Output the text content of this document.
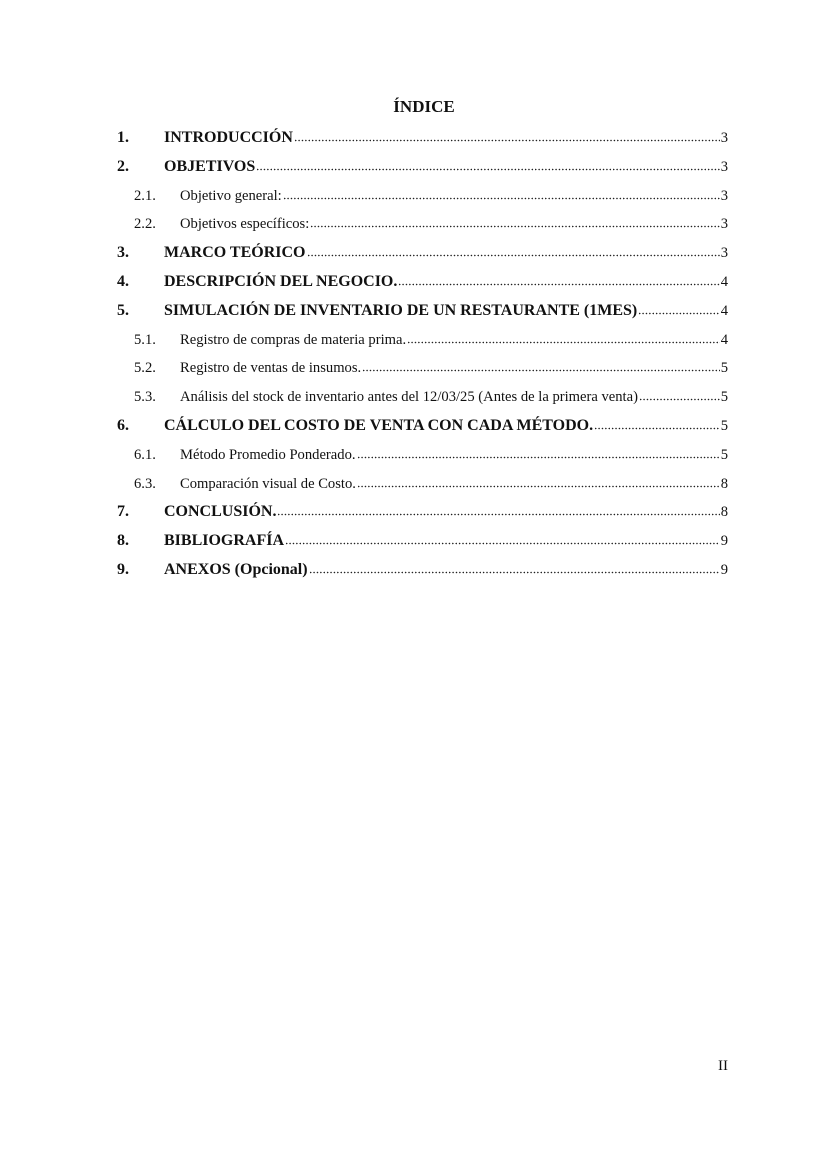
ÍNDICE
1.	INTRODUCCIÓN	3
2.	OBJETIVOS	3
2.1.	Objetivo general:	3
2.2.	Objetivos específicos:	3
3.	MARCO TEÓRICO	3
4.	DESCRIPCIÓN DEL NEGOCIO.	4
5.	SIMULACIÓN DE INVENTARIO DE UN RESTAURANTE (1MES)	4
5.1.	Registro de compras de materia prima.	4
5.2.	Registro de ventas de insumos.	5
5.3.	Análisis del stock de inventario antes del 12/03/25 (Antes de la primera venta)	5
6.	CÁLCULO DEL COSTO DE VENTA CON CADA MÉTODO.	5
6.1.	Método Promedio Ponderado.	5
6.3.	Comparación visual de Costo.	8
7.	CONCLUSIÓN.	8
8.	BIBLIOGRAFÍA	9
9.	ANEXOS (Opcional)	9
II
